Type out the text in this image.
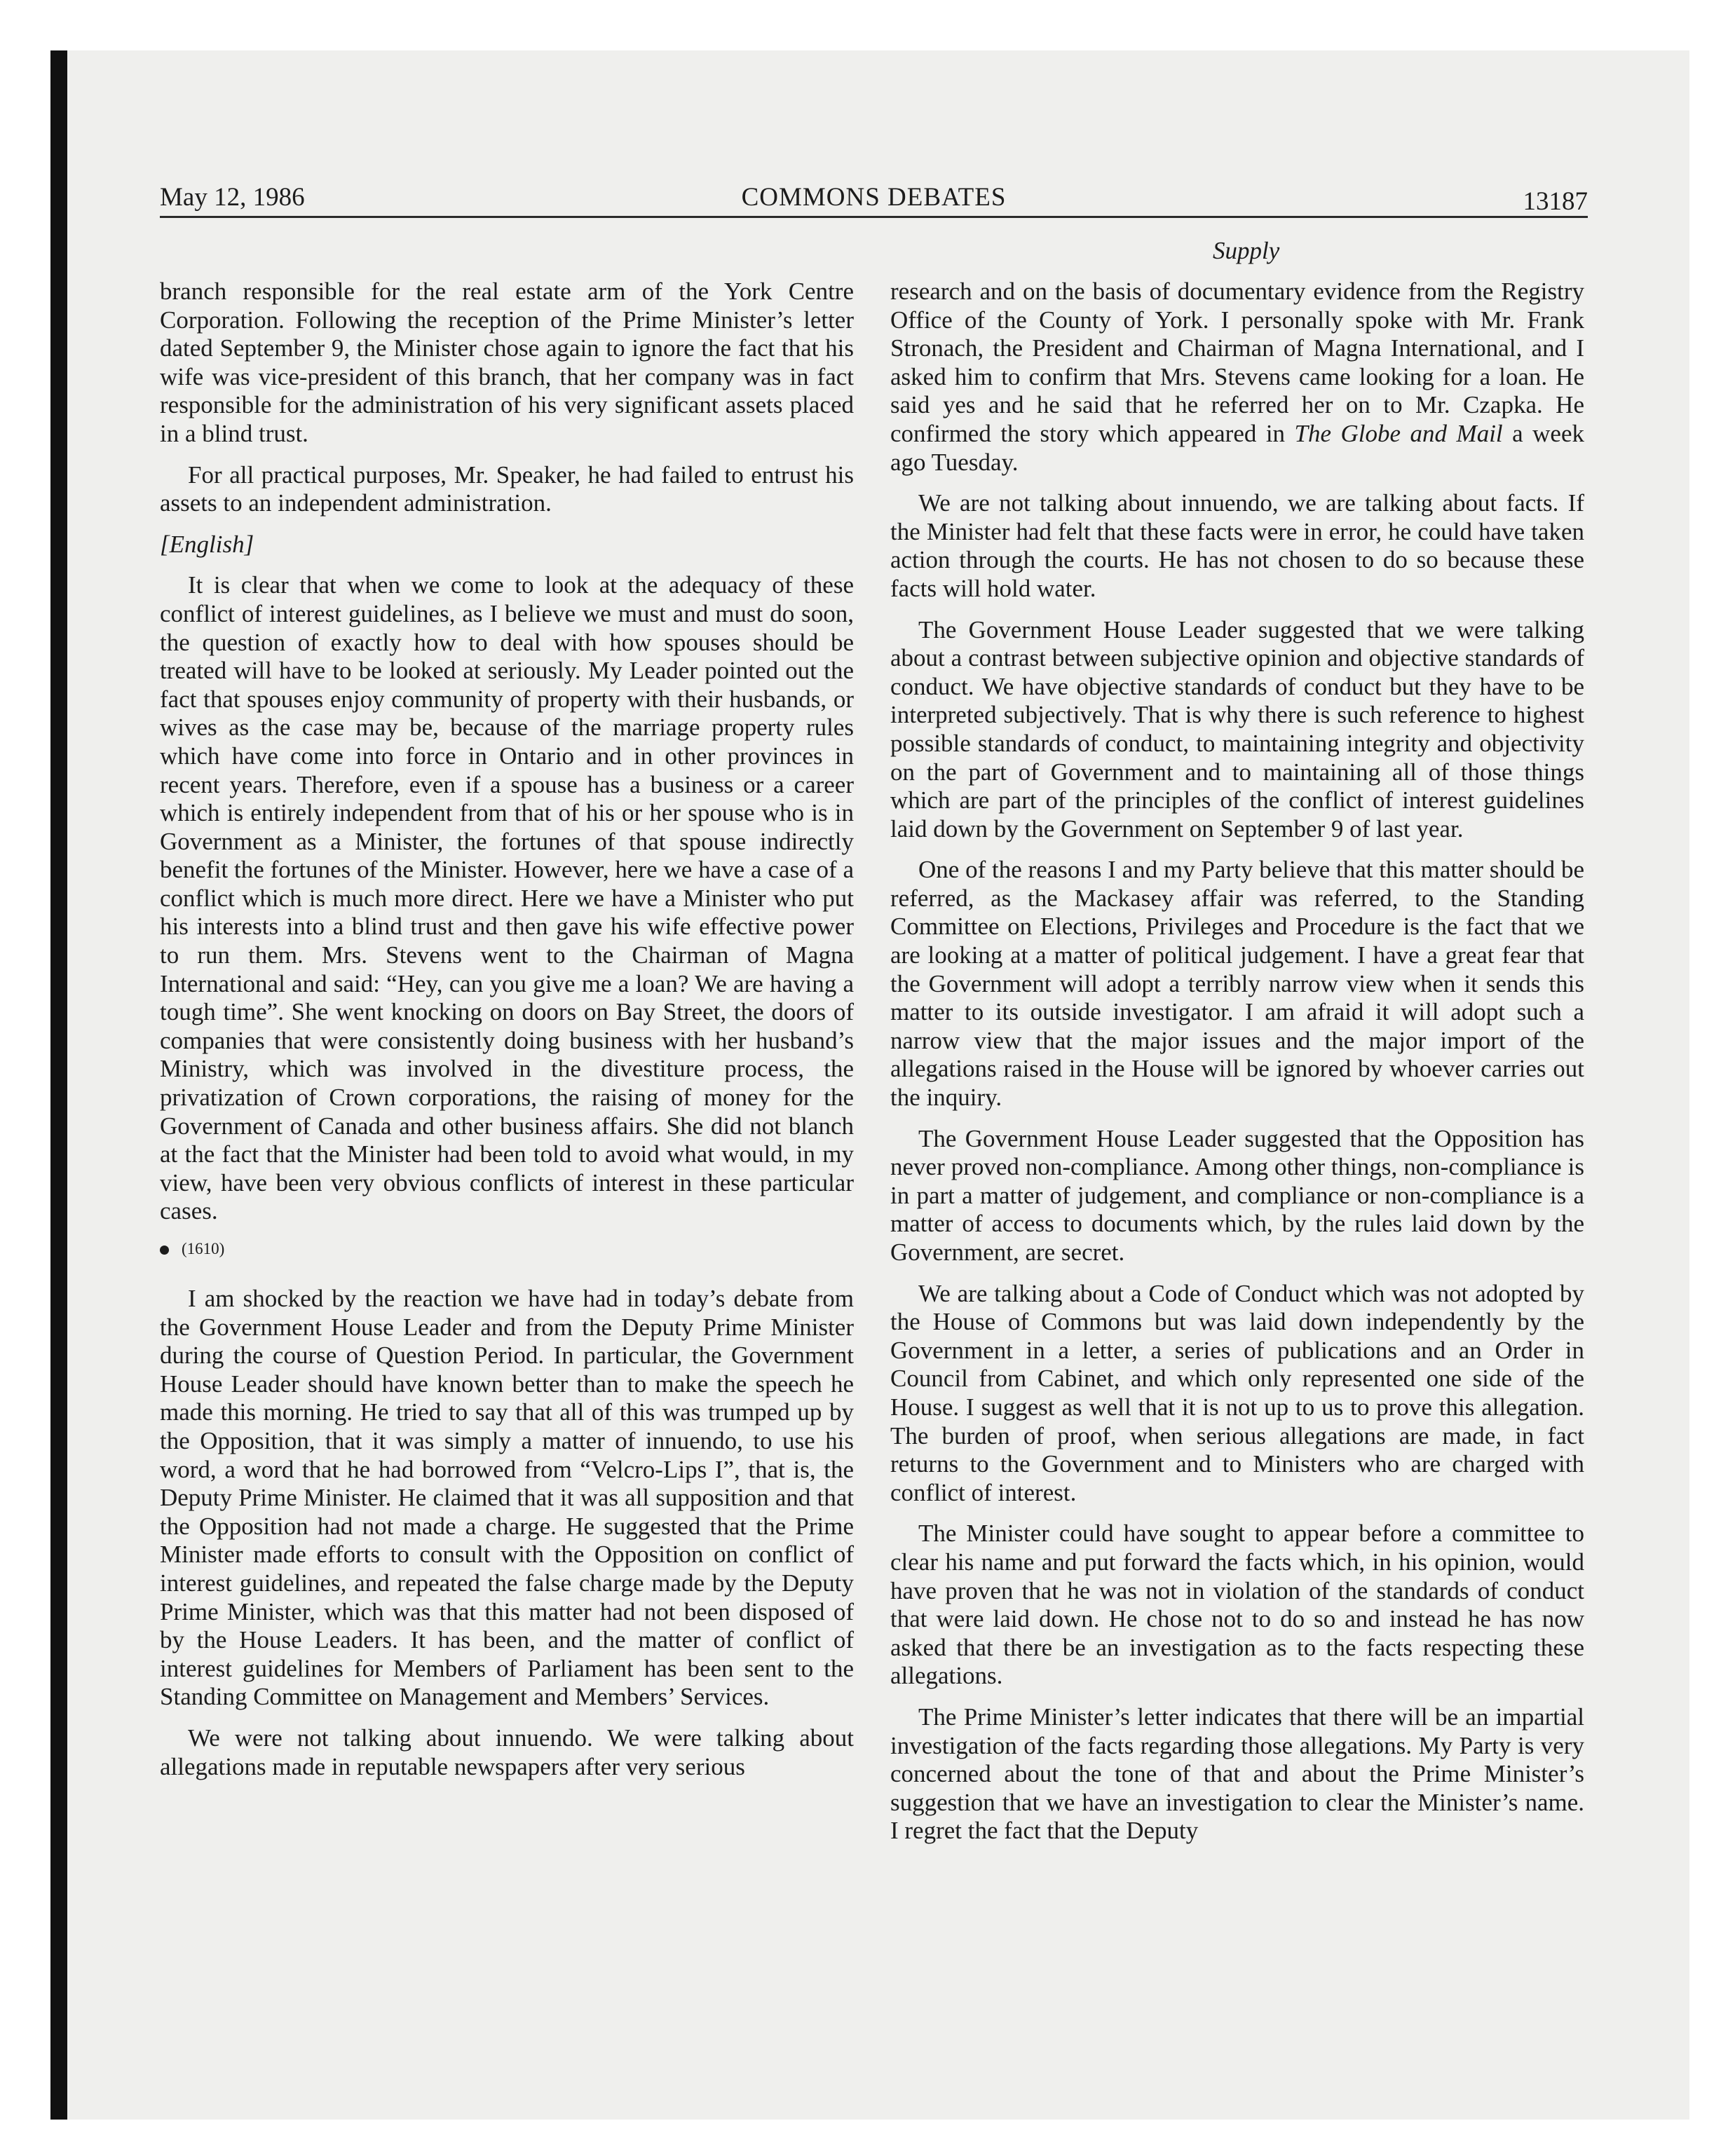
May 12, 1986	COMMONS DEBATES	13187
Supply

branch responsible for the real estate arm of the York Centre Corporation. Following the reception of the Prime Minister’s letter dated September 9, the Minister chose again to ignore the fact that his wife was vice-president of this branch, that her company was in fact responsible for the administration of his very significant assets placed in a blind trust.

For all practical purposes, Mr. Speaker, he had failed to entrust his assets to an independent administration.

[English]

It is clear that when we come to look at the adequacy of these conflict of interest guidelines, as I believe we must and must do soon, the question of exactly how to deal with how spouses should be treated will have to be looked at seriously. My Leader pointed out the fact that spouses enjoy community of property with their husbands, or wives as the case may be, because of the marriage property rules which have come into force in Ontario and in other provinces in recent years. Therefore, even if a spouse has a business or a career which is entirely independent from that of his or her spouse who is in Government as a Minister, the fortunes of that spouse indirectly benefit the fortunes of the Minister. However, here we have a case of a conflict which is much more direct. Here we have a Minister who put his interests into a blind trust and then gave his wife effective power to run them. Mrs. Stevens went to the Chairman of Magna International and said: “Hey, can you give me a loan? We are having a tough time”. She went knocking on doors on Bay Street, the doors of companies that were consistently doing business with her husband’s Ministry, which was involved in the divestiture process, the privatization of Crown corporations, the raising of money for the Government of Canada and other business affairs. She did not blanch at the fact that the Minister had been told to avoid what would, in my view, have been very obvious conflicts of interest in these particular cases.

(1610)

I am shocked by the reaction we have had in today’s debate from the Government House Leader and from the Deputy Prime Minister during the course of Question Period. In particular, the Government House Leader should have known better than to make the speech he made this morning. He tried to say that all of this was trumped up by the Opposition, that it was simply a matter of innuendo, to use his word, a word that he had borrowed from “Velcro-Lips I”, that is, the Deputy Prime Minister. He claimed that it was all supposition and that the Opposition had not made a charge. He suggested that the Prime Minister made efforts to consult with the Opposition on conflict of interest guidelines, and repeated the false charge made by the Deputy Prime Minister, which was that this matter had not been disposed of by the House Leaders. It has been, and the matter of conflict of interest guidelines for Members of Parliament has been sent to the Standing Committee on Management and Members’ Services.

We were not talking about innuendo. We were talking about allegations made in reputable newspapers after very serious

research and on the basis of documentary evidence from the Registry Office of the County of York. I personally spoke with Mr. Frank Stronach, the President and Chairman of Magna International, and I asked him to confirm that Mrs. Stevens came looking for a loan. He said yes and he said that he referred her on to Mr. Czapka. He confirmed the story which appeared in The Globe and Mail a week ago Tuesday.

We are not talking about innuendo, we are talking about facts. If the Minister had felt that these facts were in error, he could have taken action through the courts. He has not chosen to do so because these facts will hold water.

The Government House Leader suggested that we were talking about a contrast between subjective opinion and objective standards of conduct. We have objective standards of conduct but they have to be interpreted subjectively. That is why there is such reference to highest possible standards of conduct, to maintaining integrity and objectivity on the part of Government and to maintaining all of those things which are part of the principles of the conflict of interest guidelines laid down by the Government on September 9 of last year.

One of the reasons I and my Party believe that this matter should be referred, as the Mackasey affair was referred, to the Standing Committee on Elections, Privileges and Procedure is the fact that we are looking at a matter of political judgement. I have a great fear that the Government will adopt a terribly narrow view when it sends this matter to its outside investigator. I am afraid it will adopt such a narrow view that the major issues and the major import of the allegations raised in the House will be ignored by whoever carries out the inquiry.

The Government House Leader suggested that the Opposition has never proved non-compliance. Among other things, non-compliance is in part a matter of judgement, and compliance or non-compliance is a matter of access to documents which, by the rules laid down by the Government, are secret.

We are talking about a Code of Conduct which was not adopted by the House of Commons but was laid down independently by the Government in a letter, a series of publications and an Order in Council from Cabinet, and which only represented one side of the House. I suggest as well that it is not up to us to prove this allegation. The burden of proof, when serious allegations are made, in fact returns to the Government and to Ministers who are charged with conflict of interest.

The Minister could have sought to appear before a committee to clear his name and put forward the facts which, in his opinion, would have proven that he was not in violation of the standards of conduct that were laid down. He chose not to do so and instead he has now asked that there be an investigation as to the facts respecting these allegations.

The Prime Minister’s letter indicates that there will be an impartial investigation of the facts regarding those allegations. My Party is very concerned about the tone of that and about the Prime Minister’s suggestion that we have an investigation to clear the Minister’s name. I regret the fact that the Deputy
